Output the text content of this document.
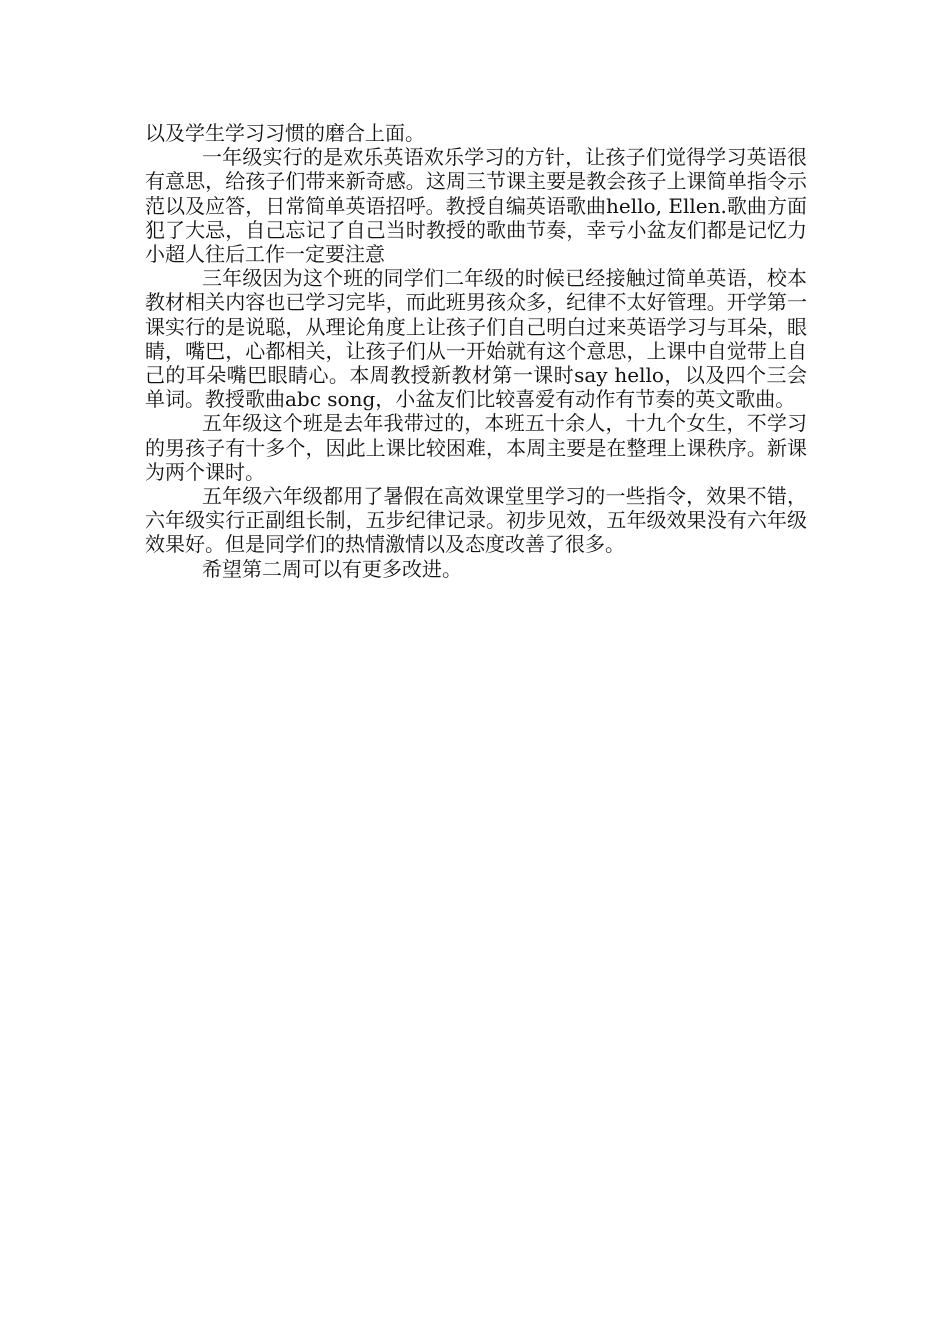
以及学生学习习惯的磨合上面。

一年级实行的是欢乐英语欢乐学习的方针，让孩子们觉得学习英语很有意思，给孩子们带来新奇感。这周三节课主要是教会孩子上课简单指令示范以及应答，日常简单英语招呼。教授自编英语歌曲hello, Ellen.歌曲方面犯了大忌，自己忘记了自己当时教授的歌曲节奏，幸亏小盆友们都是记忆力小超人往后工作一定要注意

三年级因为这个班的同学们二年级的时候已经接触过简单英语，校本教材相关内容也已学习完毕，而此班男孩众多，纪律不太好管理。开学第一课实行的是说聪，从理论角度上让孩子们自己明白过来英语学习与耳朵，眼睛，嘴巴，心都相关，让孩子们从一开始就有这个意思，上课中自觉带上自己的耳朵嘴巴眼睛心。本周教授新教材第一课时say hello，以及四个三会单词。教授歌曲abc song，小盆友们比较喜爱有动作有节奏的英文歌曲。

五年级这个班是去年我带过的，本班五十余人，十九个女生，不学习的男孩子有十多个，因此上课比较困难，本周主要是在整理上课秩序。新课为两个课时。

五年级六年级都用了暑假在高效课堂里学习的一些指令，效果不错，六年级实行正副组长制，五步纪律记录。初步见效，五年级效果没有六年级效果好。但是同学们的热情激情以及态度改善了很多。

希望第二周可以有更多改进。
